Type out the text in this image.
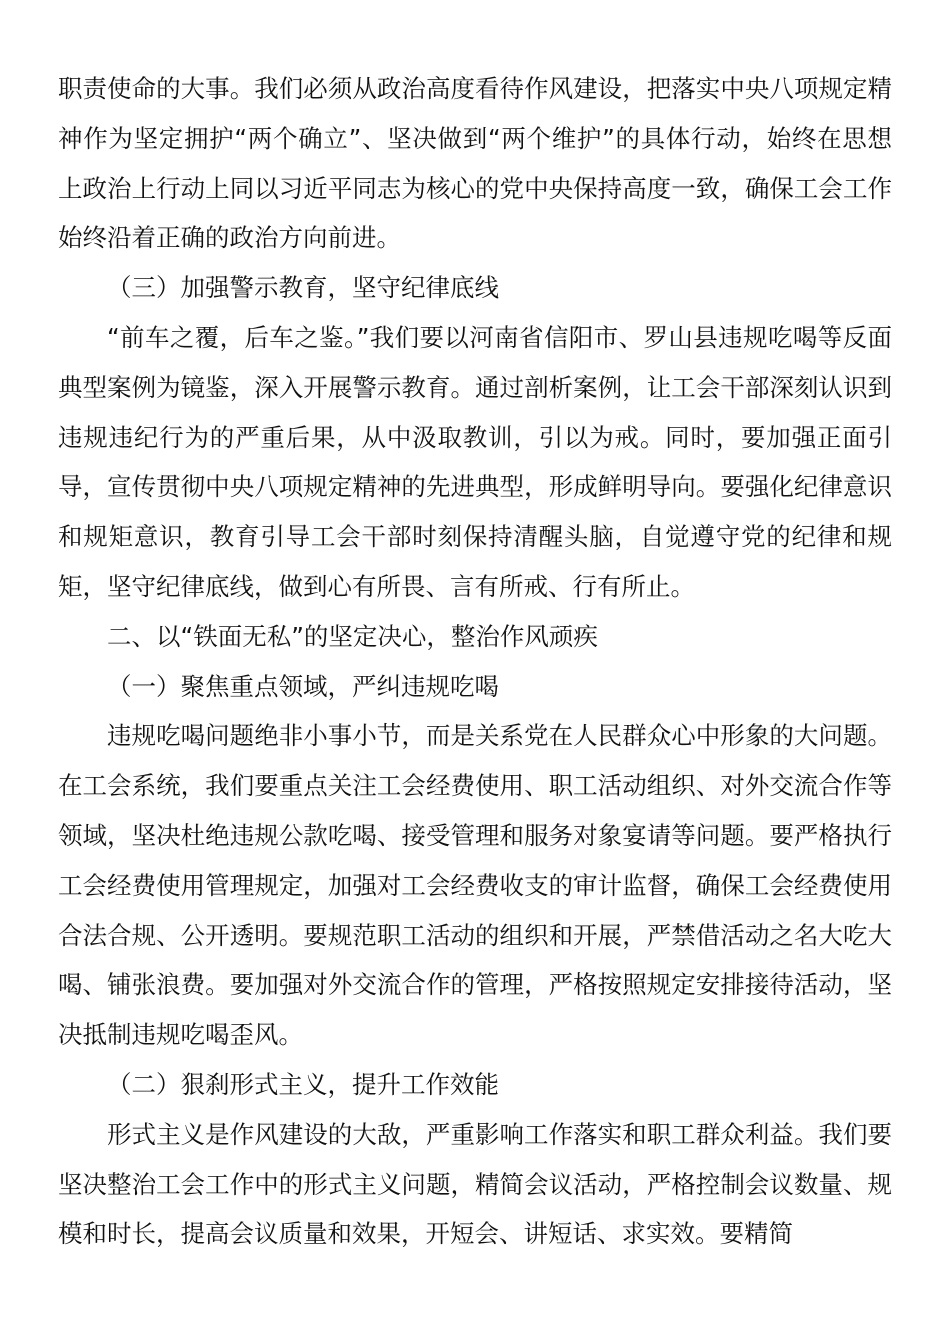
职责使命的大事。我们必须从政治高度看待作风建设，把落实中央八项规定精神作为坚定拥护“两个确立”、坚决做到“两个维护”的具体行动，始终在思想上政治上行动上同以习近平同志为核心的党中央保持高度一致，确保工会工作始终沿着正确的政治方向前进。

（三）加强警示教育，坚守纪律底线

“前车之覆，后车之鉴。”我们要以河南省信阳市、罗山县违规吃喝等反面典型案例为镜鉴，深入开展警示教育。通过剖析案例，让工会干部深刻认识到违规违纪行为的严重后果，从中汲取教训，引以为戒。同时，要加强正面引导，宣传贯彻中央八项规定精神的先进典型，形成鲜明导向。要强化纪律意识和规矩意识，教育引导工会干部时刻保持清醒头脑，自觉遵守党的纪律和规矩，坚守纪律底线，做到心有所畏、言有所戒、行有所止。

二、以“铁面无私”的坚定决心，整治作风顽疾

（一）聚焦重点领域，严纠违规吃喝

违规吃喝问题绝非小事小节，而是关系党在人民群众心中形象的大问题。在工会系统，我们要重点关注工会经费使用、职工活动组织、对外交流合作等领域，坚决杜绝违规公款吃喝、接受管理和服务对象宴请等问题。要严格执行工会经费使用管理规定，加强对工会经费收支的审计监督，确保工会经费使用合法合规、公开透明。要规范职工活动的组织和开展，严禁借活动之名大吃大喝、铺张浪费。要加强对外交流合作的管理，严格按照规定安排接待活动，坚决抵制违规吃喝歪风。

（二）狠刹形式主义，提升工作效能

形式主义是作风建设的大敌，严重影响工作落实和职工群众利益。我们要坚决整治工会工作中的形式主义问题，精简会议活动，严格控制会议数量、规模和时长，提高会议质量和效果，开短会、讲短话、求实效。要精简
